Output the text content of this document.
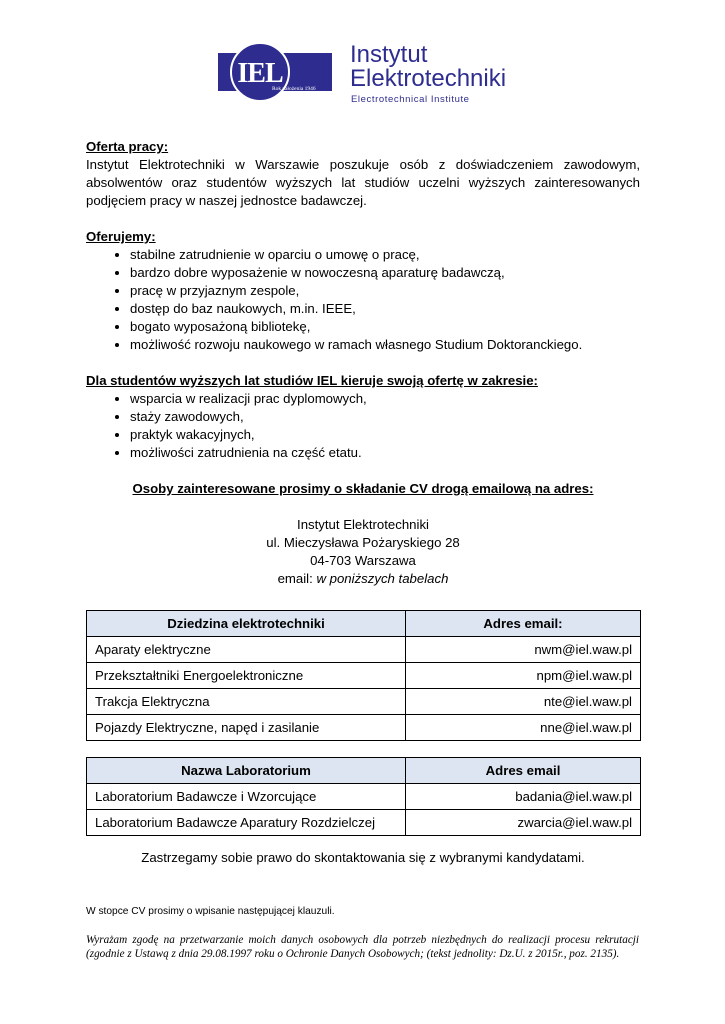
IEL
Rok założenia 1946
Instytut
Elektrotechniki
Electrotechnical Institute

Oferta pracy:

Instytut Elektrotechniki w Warszawie poszukuje osób z doświadczeniem zawodowym, absolwentów oraz studentów wyższych lat studiów uczelni wyższych zainteresowanych podjęciem pracy w naszej jednostce badawczej.

Oferujemy:

• stabilne zatrudnienie w oparciu o umowę o pracę,
• bardzo dobre wyposażenie w nowoczesną aparaturę badawczą,
• pracę w przyjaznym zespole,
• dostęp do baz naukowych, m.in. IEEE,
• bogato wyposażoną bibliotekę,
• możliwość rozwoju naukowego w ramach własnego Studium Doktoranckiego.

Dla studentów wyższych lat studiów IEL kieruje swoją ofertę w zakresie:

• wsparcia w realizacji prac dyplomowych,
• staży zawodowych,
• praktyk wakacyjnych,
• możliwości zatrudnienia na część etatu.

Osoby zainteresowane prosimy o składanie CV drogą emailową na adres:

Instytut Elektrotechniki

ul. Mieczysława Pożaryskiego 28

04-703 Warszawa

email: w poniższych tabelach

Dziedzina elektrotechniki	Adres email:
Aparaty elektryczne	nwm@iel.waw.pl
Przekształtniki Energoelektroniczne	npm@iel.waw.pl
Trakcja Elektryczna	nte@iel.waw.pl
Pojazdy Elektryczne, napęd i zasilanie	nne@iel.waw.pl
Nazwa Laboratorium	Adres email
Laboratorium Badawcze i Wzorcujące	badania@iel.waw.pl
Laboratorium Badawcze Aparatury Rozdzielczej	zwarcia@iel.waw.pl
Zastrzegamy sobie prawo do skontaktowania się z wybranymi kandydatami.
W stopce CV prosimy o wpisanie następującej klauzuli.
Wyrażam zgodę na przetwarzanie moich danych osobowych dla potrzeb niezbędnych do realizacji procesu rekrutacji (zgodnie z Ustawą z dnia 29.08.1997 roku o Ochronie Danych Osobowych; (tekst jednolity: Dz.U. z 2015r., poz. 2135).
